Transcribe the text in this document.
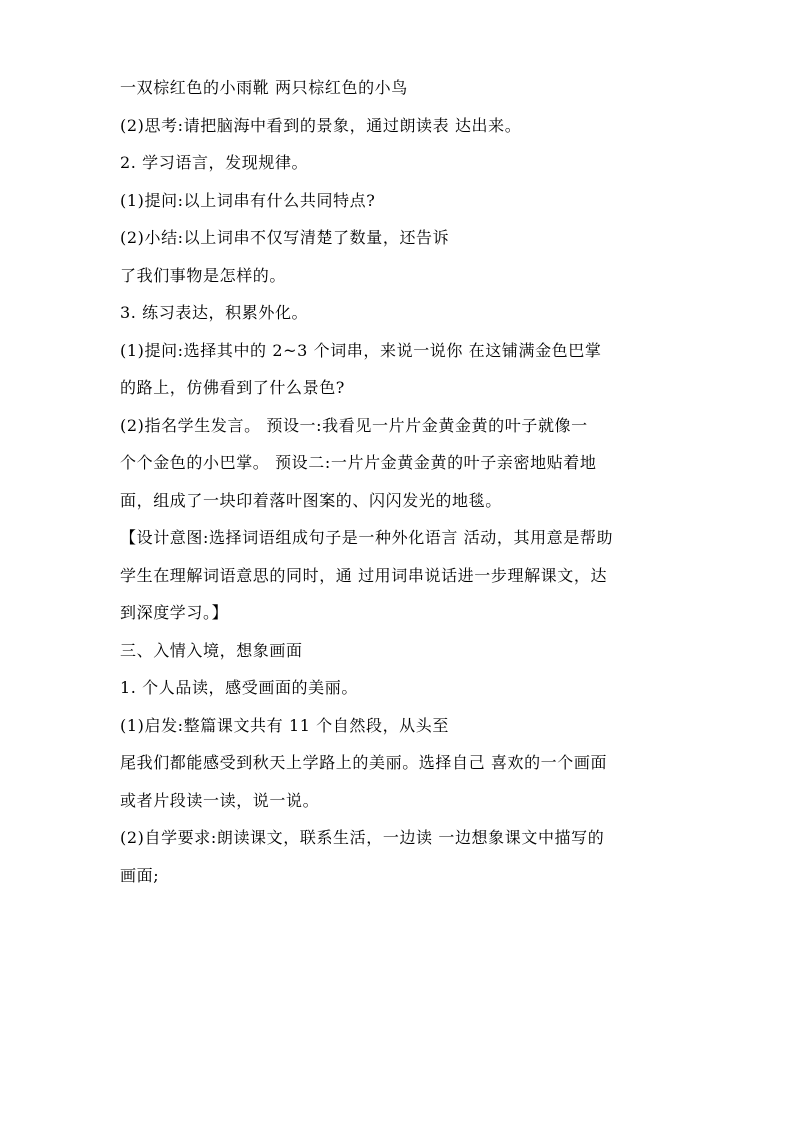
一双棕红色的小雨靴 两只棕红色的小鸟
(2)思考:请把脑海中看到的景象，通过朗读表 达出来。
2. 学习语言，发现规律。
(1)提问:以上词串有什么共同特点?
(2)小结:以上词串不仅写清楚了数量，还告诉
了我们事物是怎样的。
3. 练习表达，积累外化。
(1)提问:选择其中的 2~3 个词串，来说一说你 在这铺满金色巴掌
的路上，仿佛看到了什么景色?
(2)指名学生发言。 预设一:我看见一片片金黄金黄的叶子就像一
个个金色的小巴掌。 预设二:一片片金黄金黄的叶子亲密地贴着地
面，组成了一块印着落叶图案的、闪闪发光的地毯。
【设计意图:选择词语组成句子是一种外化语言 活动，其用意是帮助
学生在理解词语意思的同时，通 过用词串说话进一步理解课文，达
到深度学习。】
三、入情入境，想象画面
1. 个人品读，感受画面的美丽。
(1)启发:整篇课文共有 11 个自然段，从头至
尾我们都能感受到秋天上学路上的美丽。选择自己 喜欢的一个画面
或者片段读一读，说一说。
(2)自学要求:朗读课文，联系生活，一边读 一边想象课文中描写的
画面;
